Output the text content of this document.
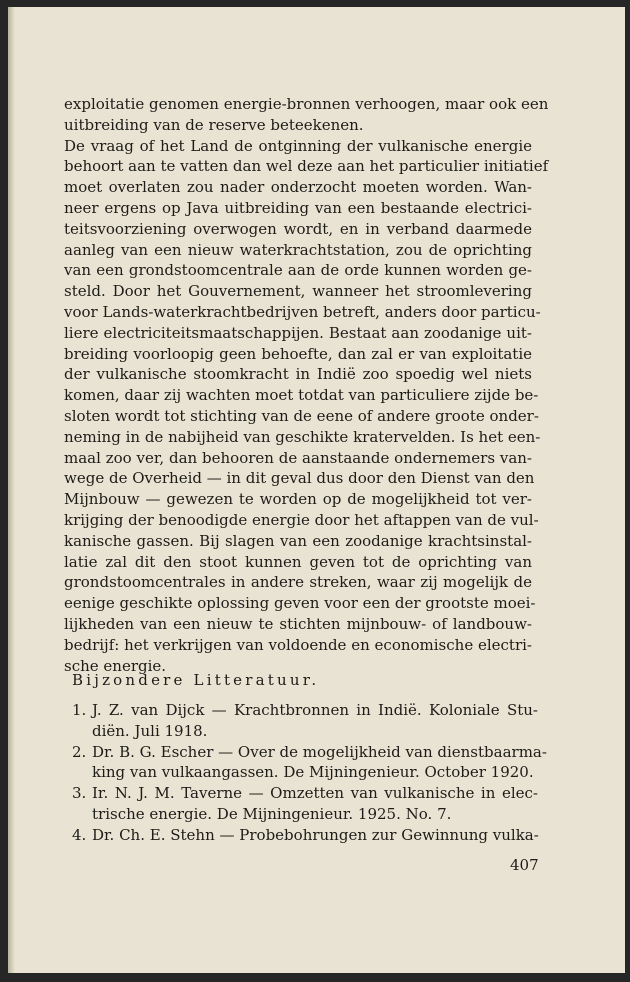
exploitatie genomen energie-bronnen verhoogen, maar ook een
uitbreiding van de reserve beteekenen.
De vraag of het Land de ontginning der vulkanische energie
behoort aan te vatten dan wel deze aan het particulier initiatief
moet overlaten zou nader onderzocht moeten worden. Wan-
neer ergens op Java uitbreiding van een bestaande electrici-
teitsvoorziening overwogen wordt, en in verband daarmede
aanleg van een nieuw waterkrachtstation, zou de oprichting
van een grondstoomcentrale aan de orde kunnen worden ge-
steld. Door het Gouvernement, wanneer het stroomlevering
voor Lands-waterkrachtbedrijven betreft, anders door particu-
liere electriciteitsmaatschappijen. Bestaat aan zoodanige uit-
breiding voorloopig geen behoefte, dan zal er van exploitatie
der vulkanische stoomkracht in Indië zoo spoedig wel niets
komen, daar zij wachten moet totdat van particuliere zijde be-
sloten wordt tot stichting van de eene of andere groote onder-
neming in de nabijheid van geschikte kratervelden. Is het een-
maal zoo ver, dan behooren de aanstaande ondernemers van-
wege de Overheid — in dit geval dus door den Dienst van den
Mijnbouw — gewezen te worden op de mogelijkheid tot ver-
krijging der benoodigde energie door het aftappen van de vul-
kanische gassen. Bij slagen van een zoodanige krachtsinstal-
latie zal dit den stoot kunnen geven tot de oprichting van
grondstoomcentrales in andere streken, waar zij mogelijk de
eenige geschikte oplossing geven voor een der grootste moei-
lijkheden van een nieuw te stichten mijnbouw- of landbouw-
bedrijf: het verkrijgen van voldoende en economische electri-
sche energie.
Bijzondere Litteratuur.
1. J. Z. van Dijck — Krachtbronnen in Indië. Koloniale Stu-
diën. Juli 1918.
2. Dr. B. G. Escher — Over de mogelijkheid van dienstbaarma-
king van vulkaangassen. De Mijningenieur. October 1920.
3. Ir. N. J. M. Taverne — Omzetten van vulkanische in elec-
trische energie. De Mijningenieur. 1925. No. 7.
4. Dr. Ch. E. Stehn — Probebohrungen zur Gewinnung vulka-
407
